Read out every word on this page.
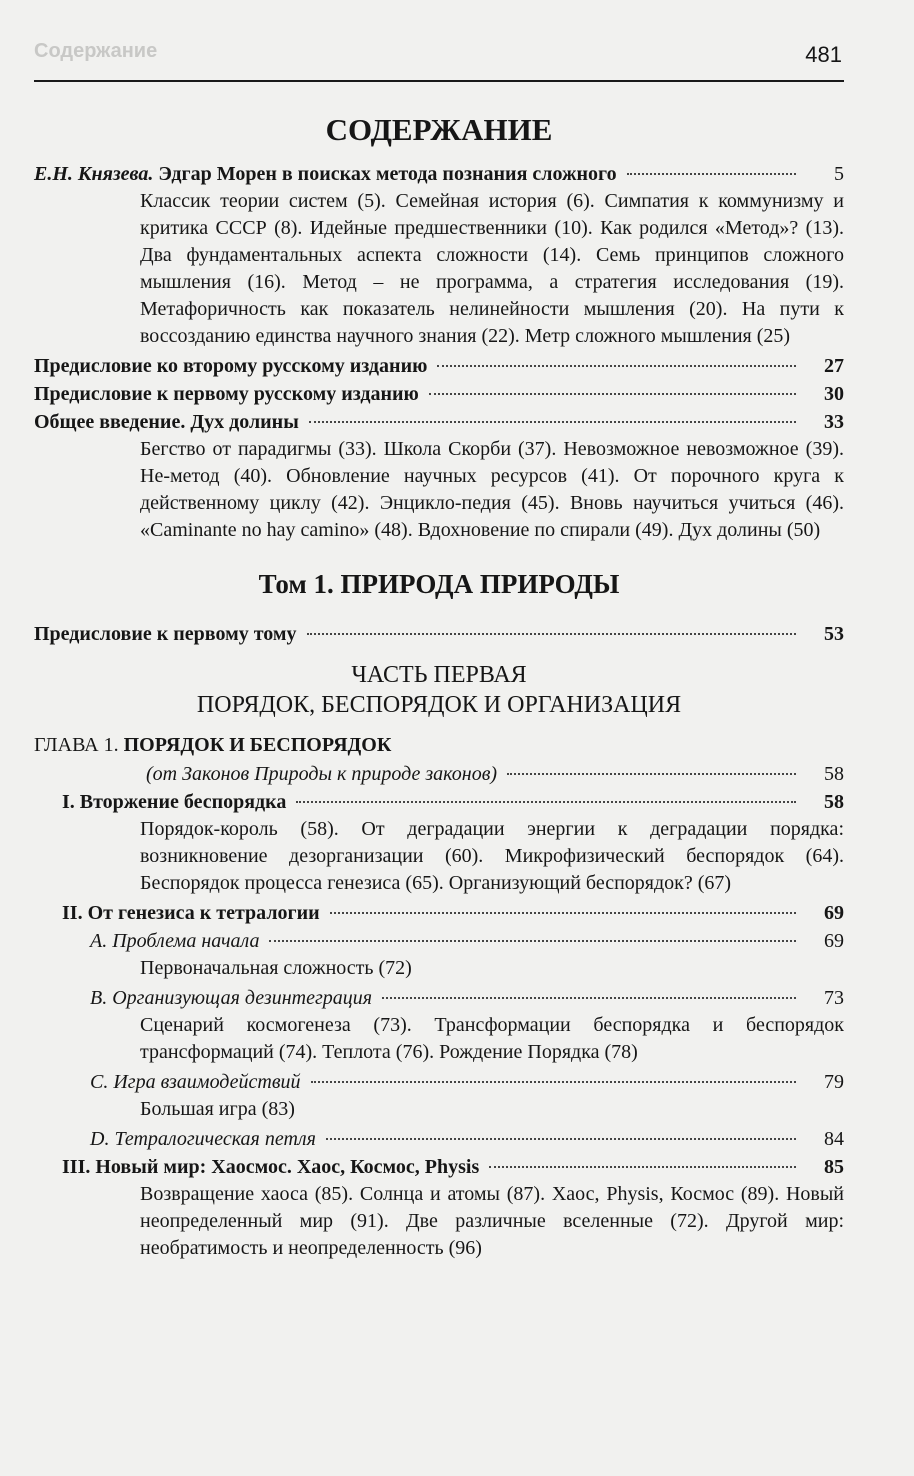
Содержание	481
СОДЕРЖАНИЕ
Е.Н. Князева. Эдгар Морен в поисках метода познания сложного	5
Классик теории систем (5). Семейная история (6). Симпатия к коммунизму и критика СССР (8). Идейные предшественники (10). Как родился «Метод»? (13). Два фундаментальных аспекта сложности (14). Семь принципов сложного мышления (16). Метод – не программа, а стратегия исследования (19). Метафоричность как показатель нелинейности мышления (20). На пути к воссозданию единства научного знания (22). Метр сложного мышления (25)
Предисловие ко второму русскому изданию	27
Предисловие к первому русскому изданию	30
Общее введение. Дух долины	33
Бегство от парадигмы (33). Школа Скорби (37). Невозможное невозможное (39). Не-метод (40). Обновление научных ресурсов (41). От порочного круга к действенному циклу (42). Энцикло-педия (45). Вновь научиться учиться (46). «Caminante no hay camino» (48). Вдохновение по спирали (49). Дух долины (50)
Том 1. ПРИРОДА ПРИРОДЫ
Предисловие к первому тому	53
ЧАСТЬ ПЕРВАЯ
ПОРЯДОК, БЕСПОРЯДОК И ОРГАНИЗАЦИЯ
ГЛАВА 1. ПОРЯДОК И БЕСПОРЯДОК
(от Законов Природы к природе законов)	58
I. Вторжение беспорядка	58
Порядок-король (58). От деградации энергии к деградации порядка: возникновение дезорганизации (60). Микрофизический беспорядок (64). Беспорядок процесса генезиса (65). Организующий беспорядок? (67)
II. От генезиса к тетралогии	69
A. Проблема начала	69
Первоначальная сложность (72)
B. Организующая дезинтеграция	73
Сценарий космогенеза (73). Трансформации беспорядка и беспорядок трансформаций (74). Теплота (76). Рождение Порядка (78)
C. Игра взаимодействий	79
Большая игра (83)
D. Тетралогическая петля	84
III. Новый мир: Хаосмос. Хаос, Космос, Physis	85
Возвращение хаоса (85). Солнца и атомы (87). Хаос, Physis, Космос (89). Новый неопределенный мир (91). Две различные вселенные (72). Другой мир: необратимость и неопределенность (96)
